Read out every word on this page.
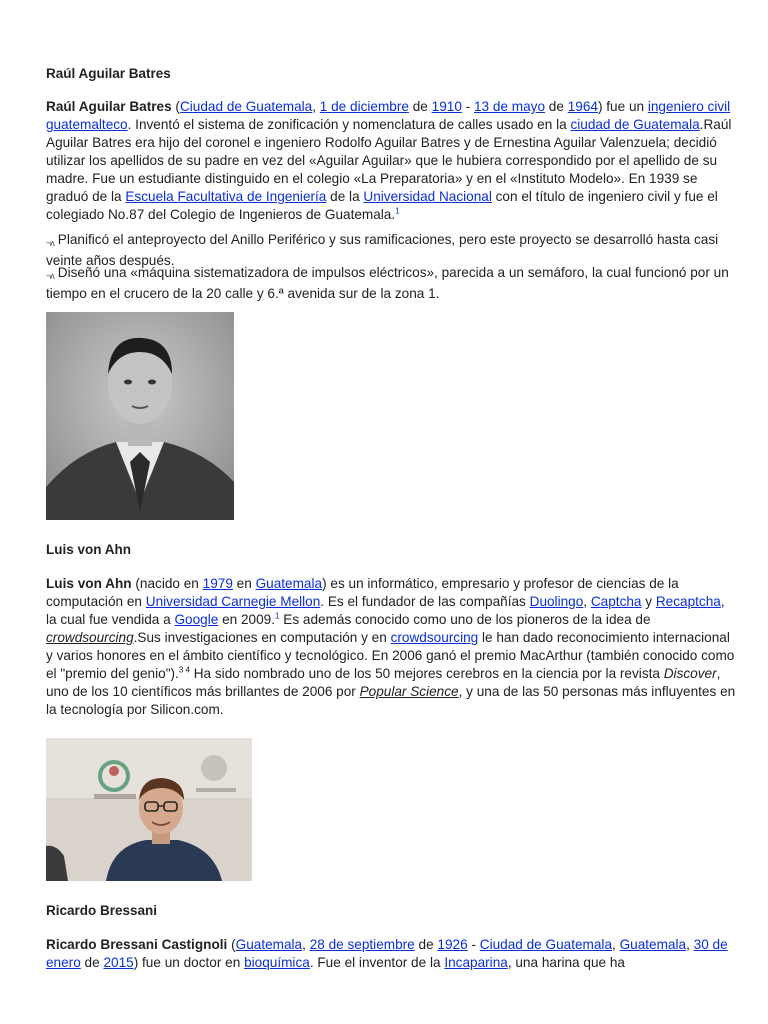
Raúl Aguilar Batres

Raúl Aguilar Batres (Ciudad de Guatemala, 1 de diciembre de 1910 - 13 de mayo de 1964) fue un ingeniero civil guatemalteco. Inventó el sistema de zonificación y nomenclatura de calles usado en la ciudad de Guatemala.Raúl Aguilar Batres era hijo del coronel e ingeniero Rodolfo Aguilar Batres y de Ernestina Aguilar Valenzuela; decidió utilizar los apellidos de su padre en vez del «Aguilar Aguilar» que le hubiera correspondido por el apellido de su madre. Fue un estudiante distinguido en el colegio «La Preparatoria» y en el «Instituto Modelo». En 1939 se graduó de la Escuela Facultativa de Ingeniería de la Universidad Nacional con el título de ingeniero civil y fue el colegiado No.87 del Colegio de Ingenieros de Guatemala.$^1$

¬ʌ Planificó el anteproyecto del Anillo Periférico y sus ramificaciones, pero este proyecto se desarrolló hasta casi veinte años después.

¬ʌ Diseñó una «máquina sistematizadora de impulsos eléctricos», parecida a un semáforo, la cual funcionó por un tiempo en el crucero de la 20 calle y 6.ª avenida sur de la zona 1.

Luis von Ahn

Luis von Ahn (nacido en 1979 en Guatemala) es un informático, empresario y profesor de ciencias de la computación en Universidad Carnegie Mellon. Es el fundador de las compañías Duolingo, Captcha y Recaptcha, la cual fue vendida a Google en 2009.$^1$ Es además conocido como uno de los pioneros de la idea de crowdsourcing.Sus investigaciones en computación y en crowdsourcing le han dado reconocimiento internacional y varios honores en el ámbito científico y tecnológico. En 2006 ganó el premio MacArthur (también conocido como el "premio del genio").$^{3 4}$ Ha sido nombrado uno de los 50 mejores cerebros en la ciencia por la revista Discover, uno de los 10 científicos más brillantes de 2006 por Popular Science, y una de las 50 personas más influyentes en la tecnología por Silicon.com.

Ricardo Bressani

Ricardo Bressani Castignoli (Guatemala, 28 de septiembre de 1926 - Ciudad de Guatemala, Guatemala, 30 de enero de 2015) fue un doctor en bioquímica. Fue el inventor de la Incaparina, una harina que ha
